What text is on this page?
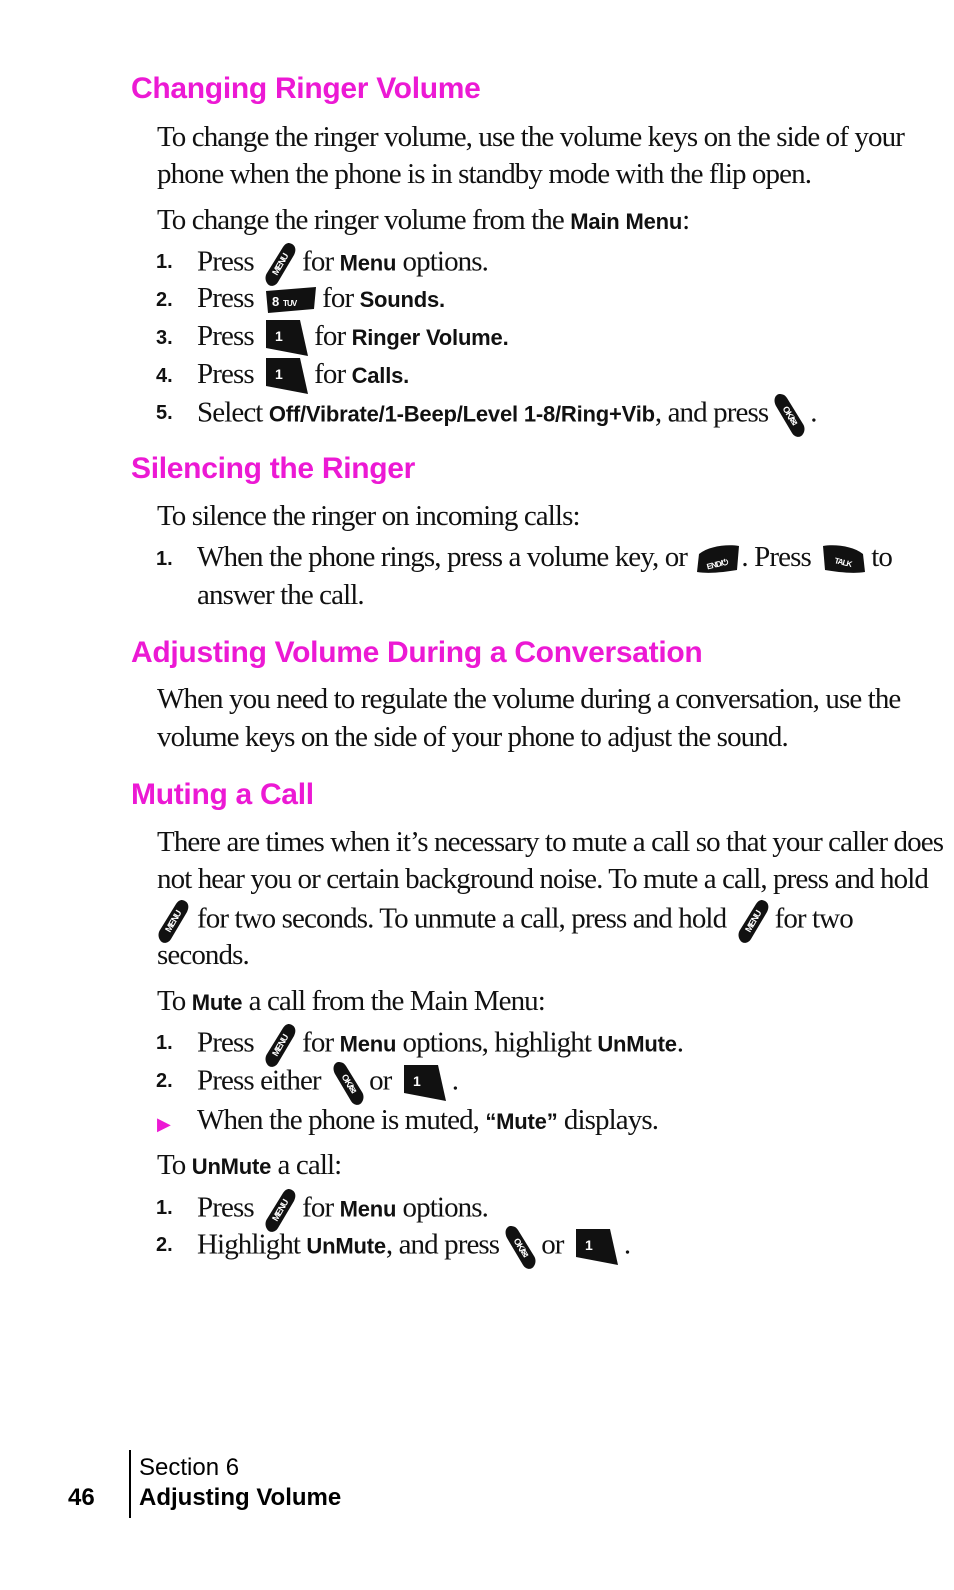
Changing Ringer Volume

To change the ringer volume, use the volume keys on the side of your

phone when the phone is in standby mode with the flip open.

To change the ringer volume from the Main Menu:

1. Press for Menu options.
2. Press for Sounds.
3. Press for Ringer Volume.
4. Press for Calls.
5. Select Off/Vibrate/1-Beep/Level 1-8/Ring+Vib, and press .
Silencing the Ringer

To silence the ringer on incoming calls:

1. When the phone rings, press a volume key, or . Press to
answer the call.
Adjusting Volume During a Conversation

When you need to regulate the volume during a conversation, use the

volume keys on the side of your phone to adjust the sound.

Muting a Call

There are times when it’s necessary to mute a call so that your caller does

not hear you or certain background noise. To mute a call, press and hold

for two seconds. To unmute a call, press and hold for two

seconds.

To Mute a call from the Main Menu:

1. Press for Menu options, highlight UnMute.
2. Press either or .
▶ When the phone is muted, “Mute” displays.

To UnMute a call:

1. Press for Menu options.
2. Highlight UnMute, and press or .
46
Section 6
Adjusting Volume
